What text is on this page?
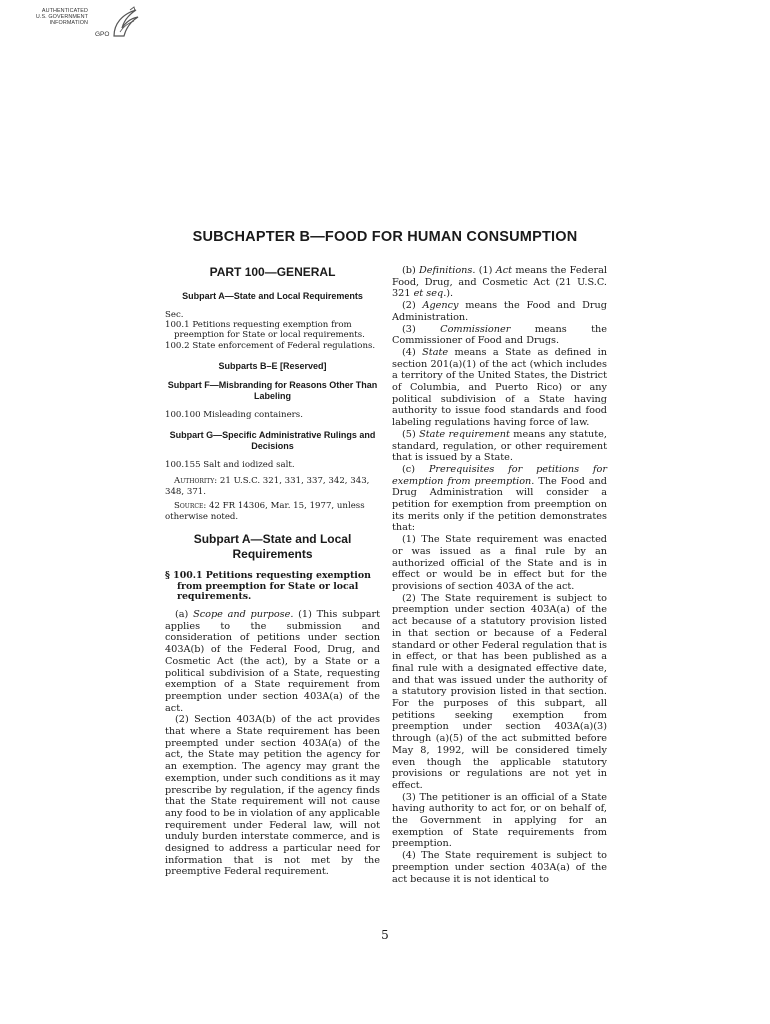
AUTHENTICATED
U.S. GOVERNMENT
INFORMATION
GPO
SUBCHAPTER B—FOOD FOR HUMAN CONSUMPTION
PART 100—GENERAL
Subpart A—State and Local Requirements

Sec.

100.1 Petitions requesting exemption from preemption for State or local requirements.

100.2 State enforcement of Federal regulations.

Subparts B–E [Reserved]
Subpart F—Misbranding for Reasons Other Than Labeling

100.100 Misleading containers.

Subpart G—Specific Administrative Rulings and Decisions

100.155 Salt and iodized salt.

Authority: 21 U.S.C. 321, 331, 337, 342, 343, 348, 371.

Source: 42 FR 14306, Mar. 15, 1977, unless otherwise noted.

Subpart A—State and Local Requirements

§ 100.1 Petitions requesting exemption from preemption for State or local requirements.

(a) Scope and purpose. (1) This subpart applies to the submission and consideration of petitions under section 403A(b) of the Federal Food, Drug, and Cosmetic Act (the act), by a State or a political subdivision of a State, requesting exemption of a State requirement from preemption under section 403A(a) of the act.

(2) Section 403A(b) of the act provides that where a State requirement has been preempted under section 403A(a) of the act, the State may petition the agency for an exemption. The agency may grant the exemption, under such conditions as it may prescribe by regulation, if the agency finds that the State requirement will not cause any food to be in violation of any applicable requirement under Federal law, will not unduly burden interstate commerce, and is designed to address a particular need for information that is not met by the preemptive Federal requirement.

(b) Definitions. (1) Act means the Federal Food, Drug, and Cosmetic Act (21 U.S.C. 321 et seq.).

(2) Agency means the Food and Drug Administration.

(3) Commissioner means the Commissioner of Food and Drugs.

(4) State means a State as defined in section 201(a)(1) of the act (which includes a territory of the United States, the District of Columbia, and Puerto Rico) or any political subdivision of a State having authority to issue food standards and food labeling regulations having force of law.

(5) State requirement means any statute, standard, regulation, or other requirement that is issued by a State.

(c) Prerequisites for petitions for exemption from preemption. The Food and Drug Administration will consider a petition for exemption from preemption on its merits only if the petition demonstrates that:

(1) The State requirement was enacted or was issued as a final rule by an authorized official of the State and is in effect or would be in effect but for the provisions of section 403A of the act.

(2) The State requirement is subject to preemption under section 403A(a) of the act because of a statutory provision listed in that section or because of a Federal standard or other Federal regulation that is in effect, or that has been published as a final rule with a designated effective date, and that was issued under the authority of a statutory provision listed in that section. For the purposes of this subpart, all petitions seeking exemption from preemption under section 403A(a)(3) through (a)(5) of the act submitted before May 8, 1992, will be considered timely even though the applicable statutory provisions or regulations are not yet in effect.

(3) The petitioner is an official of a State having authority to act for, or on behalf of, the Government in applying for an exemption of State requirements from preemption.

(4) The State requirement is subject to preemption under section 403A(a) of the act because it is not identical to

5
